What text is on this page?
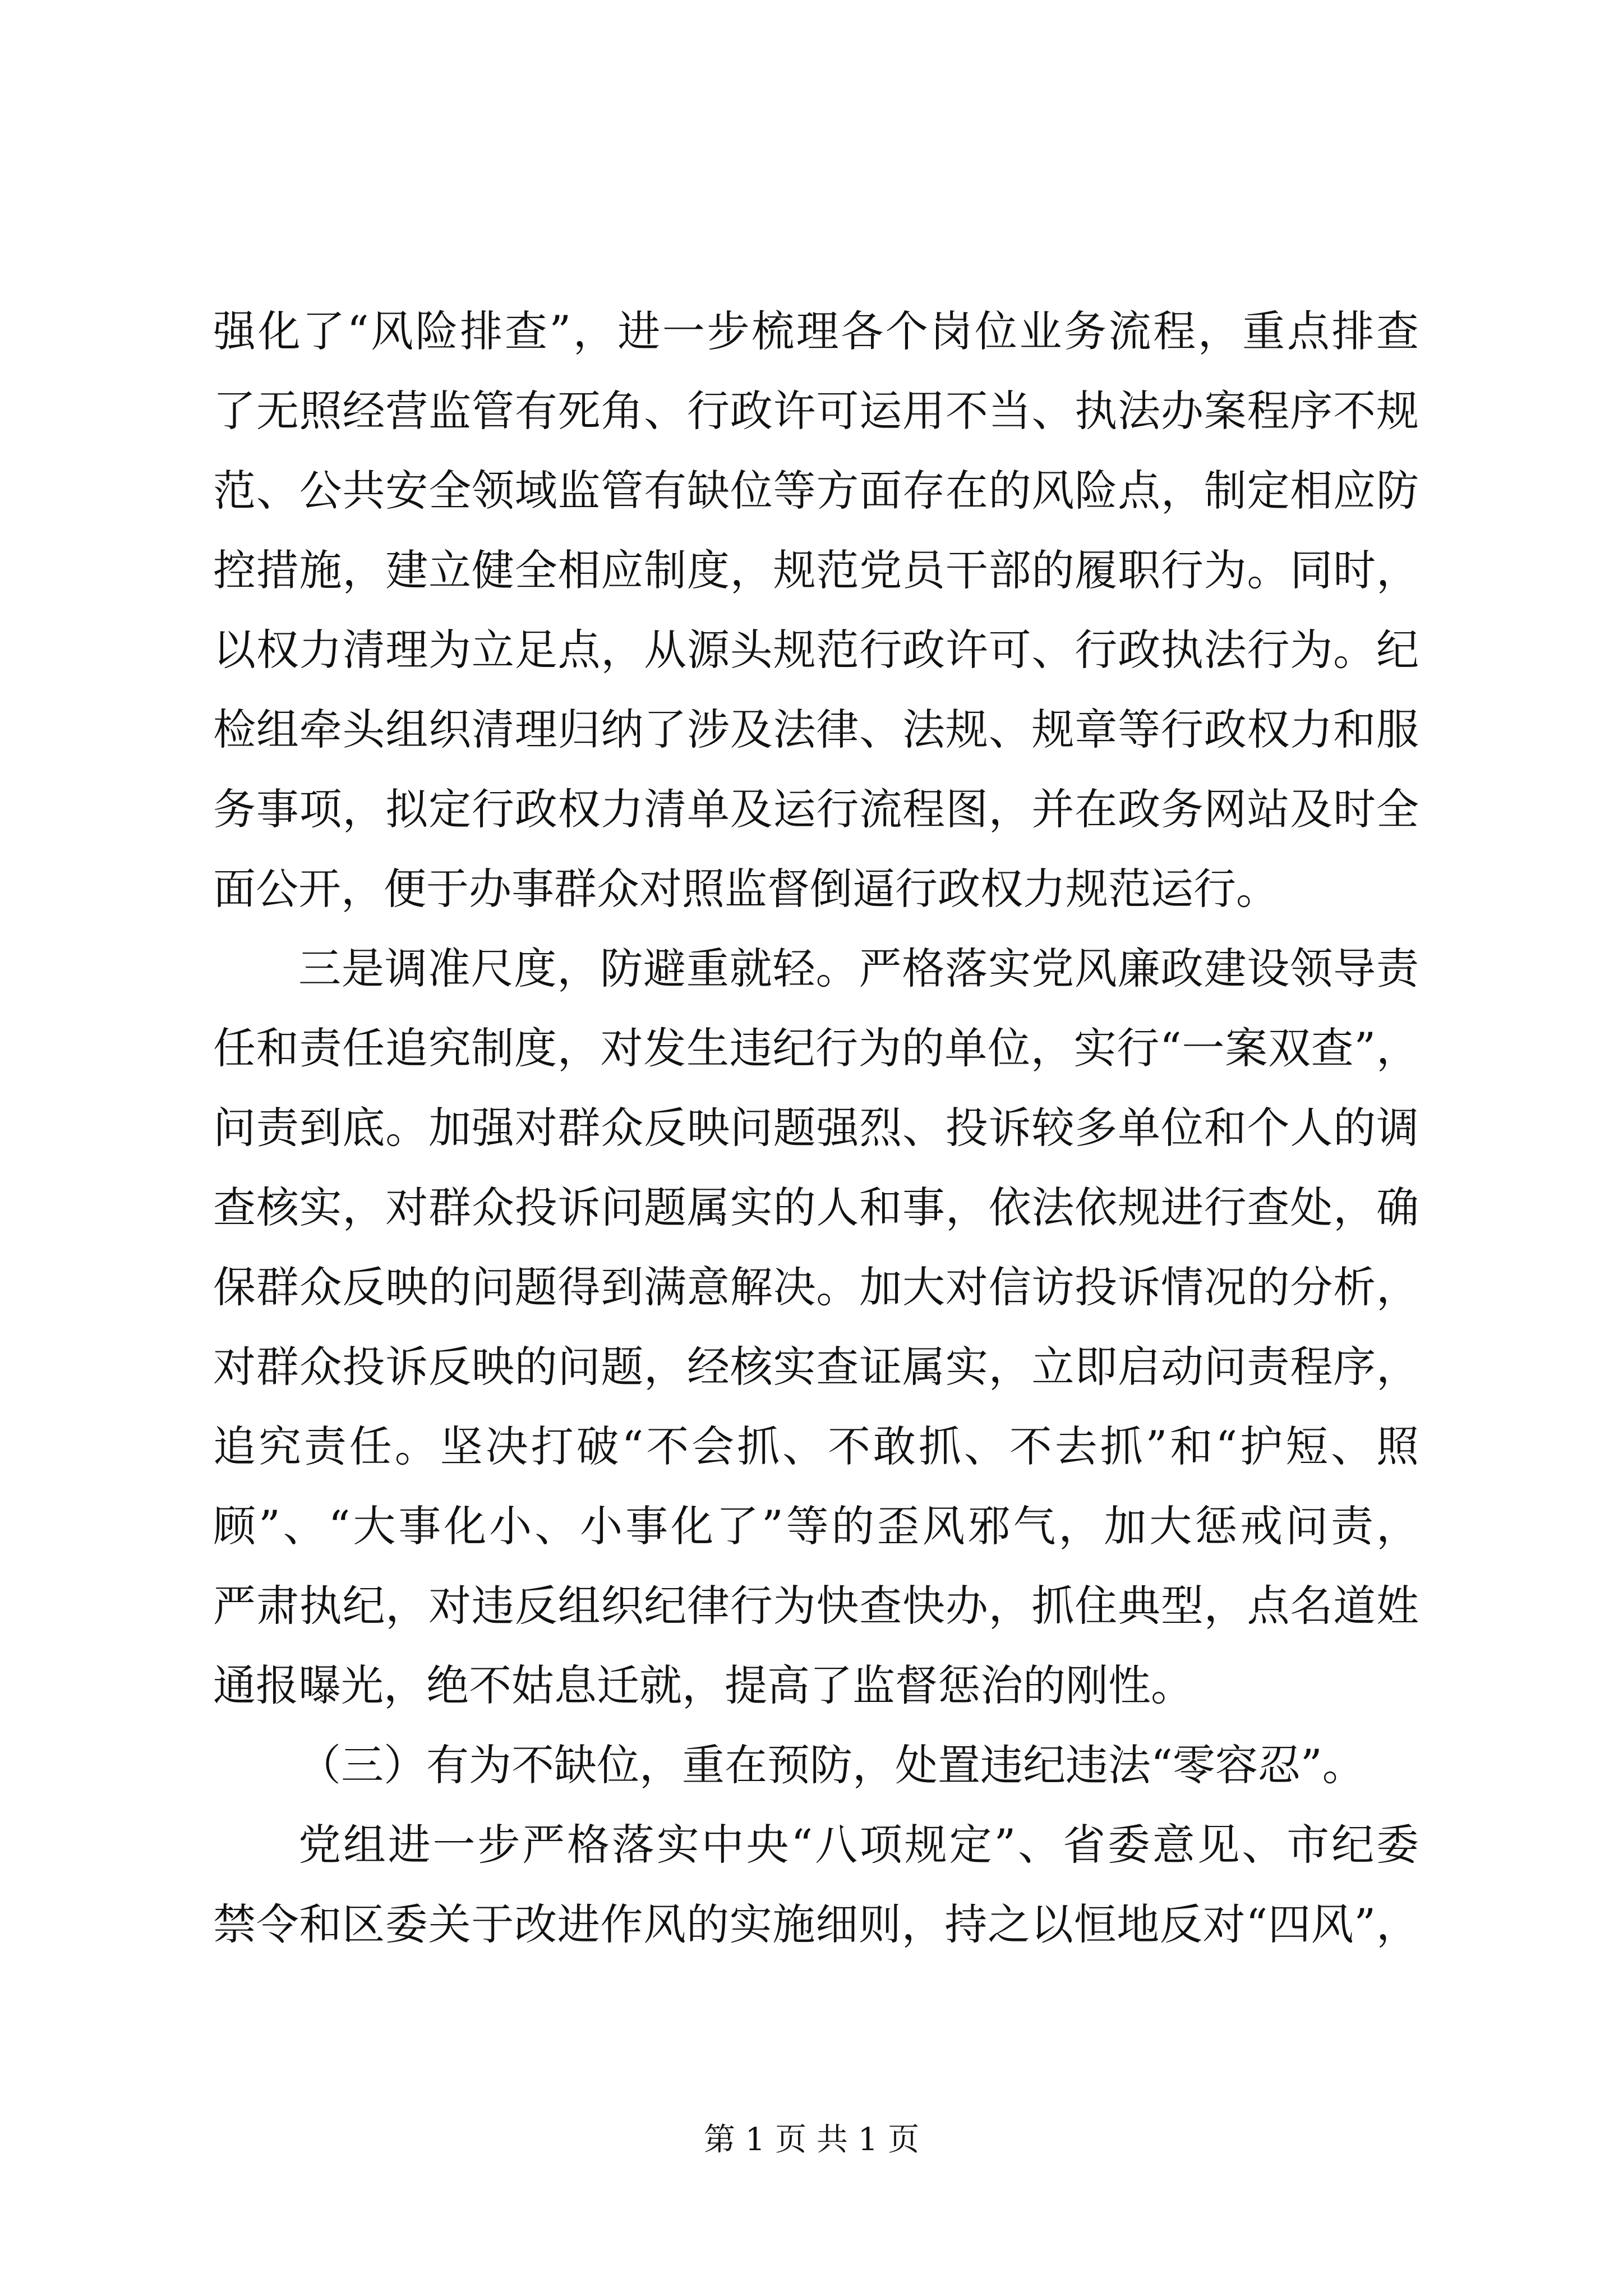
强化了“风险排查”，进一步梳理各个岗位业务流程，重点排查
了无照经营监管有死角、行政许可运用不当、执法办案程序不规
范、公共安全领域监管有缺位等方面存在的风险点，制定相应防
控措施，建立健全相应制度，规范党员干部的履职行为。同时，
以权力清理为立足点，从源头规范行政许可、行政执法行为。纪
检组牵头组织清理归纳了涉及法律、法规、规章等行政权力和服
务事项，拟定行政权力清单及运行流程图，并在政务网站及时全
面公开，便于办事群众对照监督倒逼行政权力规范运行。
三是调准尺度，防避重就轻。严格落实党风廉政建设领导责
任和责任追究制度，对发生违纪行为的单位，实行“一案双查”，
问责到底。加强对群众反映问题强烈、投诉较多单位和个人的调
查核实，对群众投诉问题属实的人和事，依法依规进行查处，确
保群众反映的问题得到满意解决。加大对信访投诉情况的分析，
对群众投诉反映的问题，经核实查证属实，立即启动问责程序，
追究责任。坚决打破“不会抓、不敢抓、不去抓”和“护短、照
顾”、“大事化小、小事化了”等的歪风邪气，加大惩戒问责，
严肃执纪，对违反组织纪律行为快查快办，抓住典型，点名道姓
通报曝光，绝不姑息迁就，提高了监督惩治的刚性。
（三）有为不缺位，重在预防，处置违纪违法“零容忍”。
党组进一步严格落实中央“八项规定”、省委意见、市纪委
禁令和区委关于改进作风的实施细则，持之以恒地反对“四风”，
第 1 页 共 1 页
